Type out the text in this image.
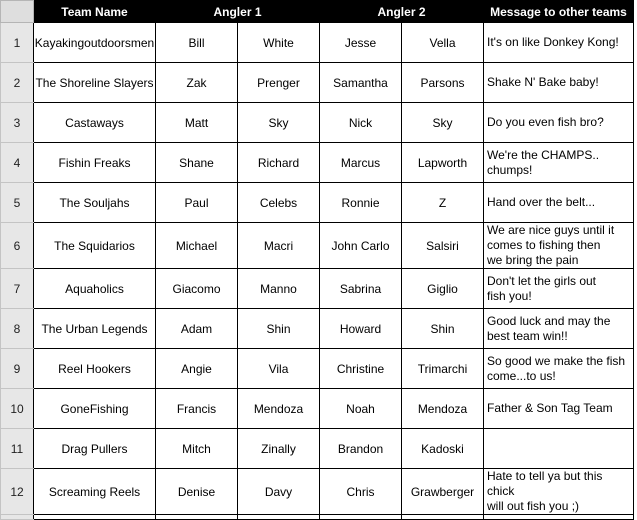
	Team Name	Angler 1		Angler 2		Message to other teams
1	Kayakingoutdoorsmen	Bill	White	Jesse	Vella	It's on like Donkey Kong!
2	The Shoreline Slayers	Zak	Prenger	Samantha	Parsons	Shake N' Bake baby!
3	Castaways	Matt	Sky	Nick	Sky	Do you even fish bro?
4	Fishin Freaks	Shane	Richard	Marcus	Lapworth	We're the CHAMPS..
chumps!
5	The Souljahs	Paul	Celebs	Ronnie	Z	Hand over the belt...
6	The Squidarios	Michael	Macri	John Carlo	Salsiri	We are nice guys until it
comes to fishing then
we bring the pain
7	Aquaholics	Giacomo	Manno	Sabrina	Giglio	Don't let the girls out
fish you!
8	The Urban Legends	Adam	Shin	Howard	Shin	Good luck and may the
best team win!!
9	Reel Hookers	Angie	Vila	Christine	Trimarchi	So good we make the fish
come...to us!
10	GoneFishing	Francis	Mendoza	Noah	Mendoza	Father & Son Tag Team
11	Drag Pullers	Mitch	Zinally	Brandon	Kadoski	
12	Screaming Reels	Denise	Davy	Chris	Grawberger	Hate to tell ya but this chick
will out fish you ;)
